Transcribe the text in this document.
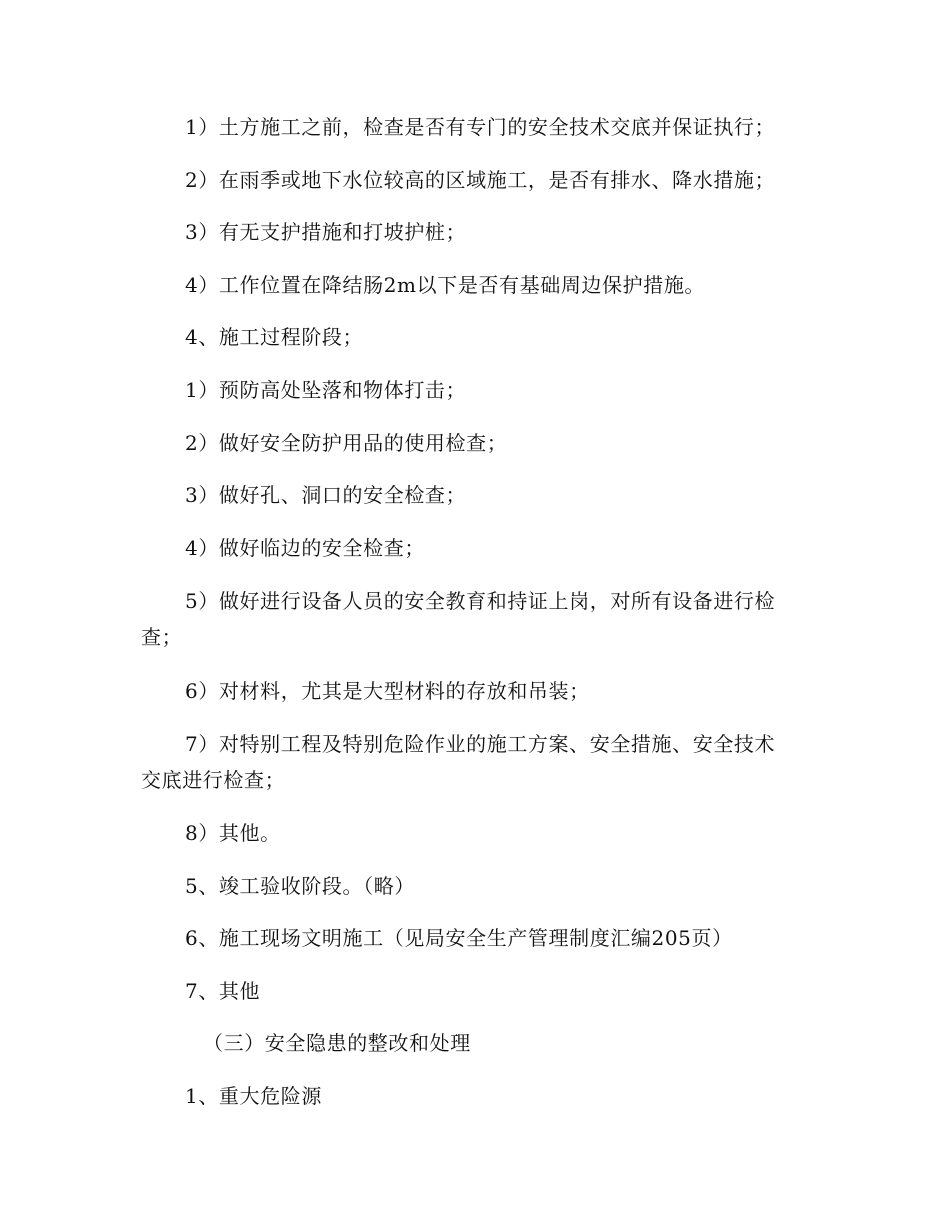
1）土方施工之前，检查是否有专门的安全技术交底并保证执行；
2）在雨季或地下水位较高的区域施工，是否有排水、降水措施；
3）有无支护措施和打坡护桩；
4）工作位置在降结肠2m以下是否有基础周边保护措施。
4、施工过程阶段；
1）预防高处坠落和物体打击；
2）做好安全防护用品的使用检查；
3）做好孔、洞口的安全检查；
4）做好临边的安全检查；
5）做好进行设备人员的安全教育和持证上岗，对所有设备进行检
查；
6）对材料，尤其是大型材料的存放和吊装；
7）对特别工程及特别危险作业的施工方案、安全措施、安全技术
交底进行检查；
8）其他。
5、竣工验收阶段。（略）
6、施工现场文明施工（见局安全生产管理制度汇编205页）
7、其他
（三）安全隐患的整改和处理
1、重大危险源
